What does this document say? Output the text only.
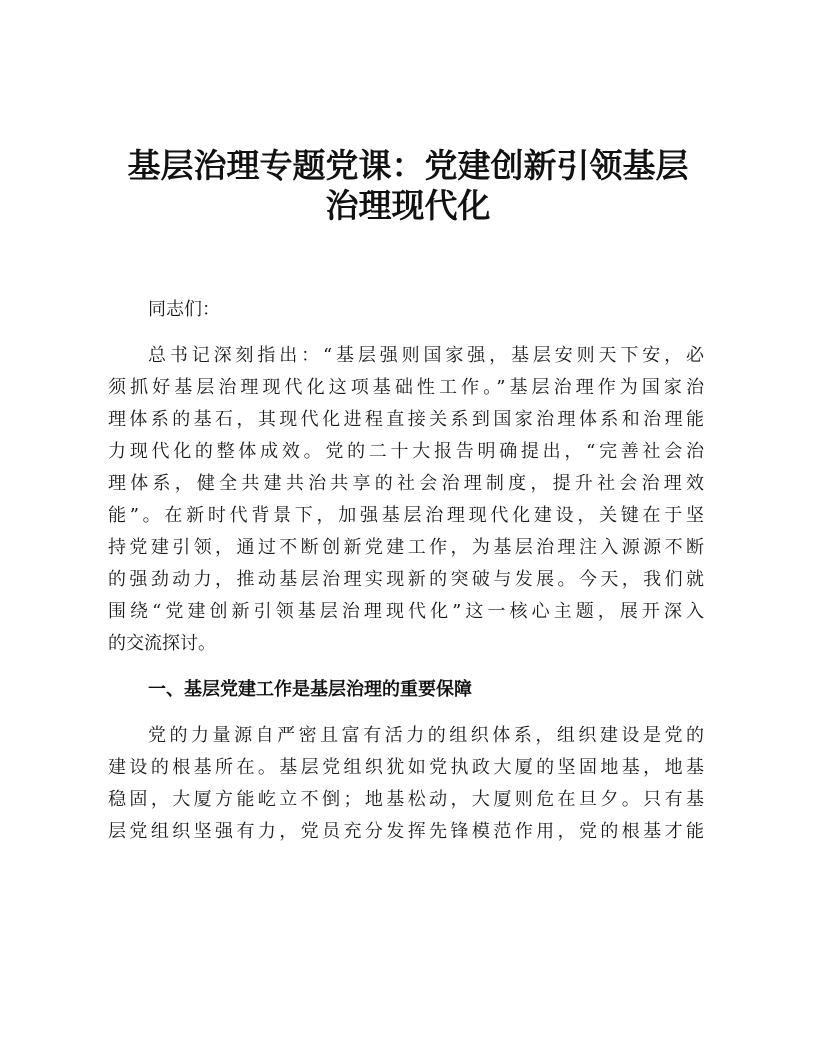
基层治理专题党课：党建创新引领基层
治理现代化
同志们：
总书记深刻指出：“基层强则国家强，基层安则天下安，必
须抓好基层治理现代化这项基础性工作。”基层治理作为国家治
理体系的基石，其现代化进程直接关系到国家治理体系和治理能
力现代化的整体成效。党的二十大报告明确提出，“完善社会治
理体系，健全共建共治共享的社会治理制度，提升社会治理效
能”。在新时代背景下，加强基层治理现代化建设，关键在于坚
持党建引领，通过不断创新党建工作，为基层治理注入源源不断
的强劲动力，推动基层治理实现新的突破与发展。今天，我们就
围绕“党建创新引领基层治理现代化”这一核心主题，展开深入
的交流探讨。
一、基层党建工作是基层治理的重要保障
党的力量源自严密且富有活力的组织体系，组织建设是党的
建设的根基所在。基层党组织犹如党执政大厦的坚固地基，地基
稳固，大厦方能屹立不倒；地基松动，大厦则危在旦夕。只有基
层党组织坚强有力，党员充分发挥先锋模范作用，党的根基才能
